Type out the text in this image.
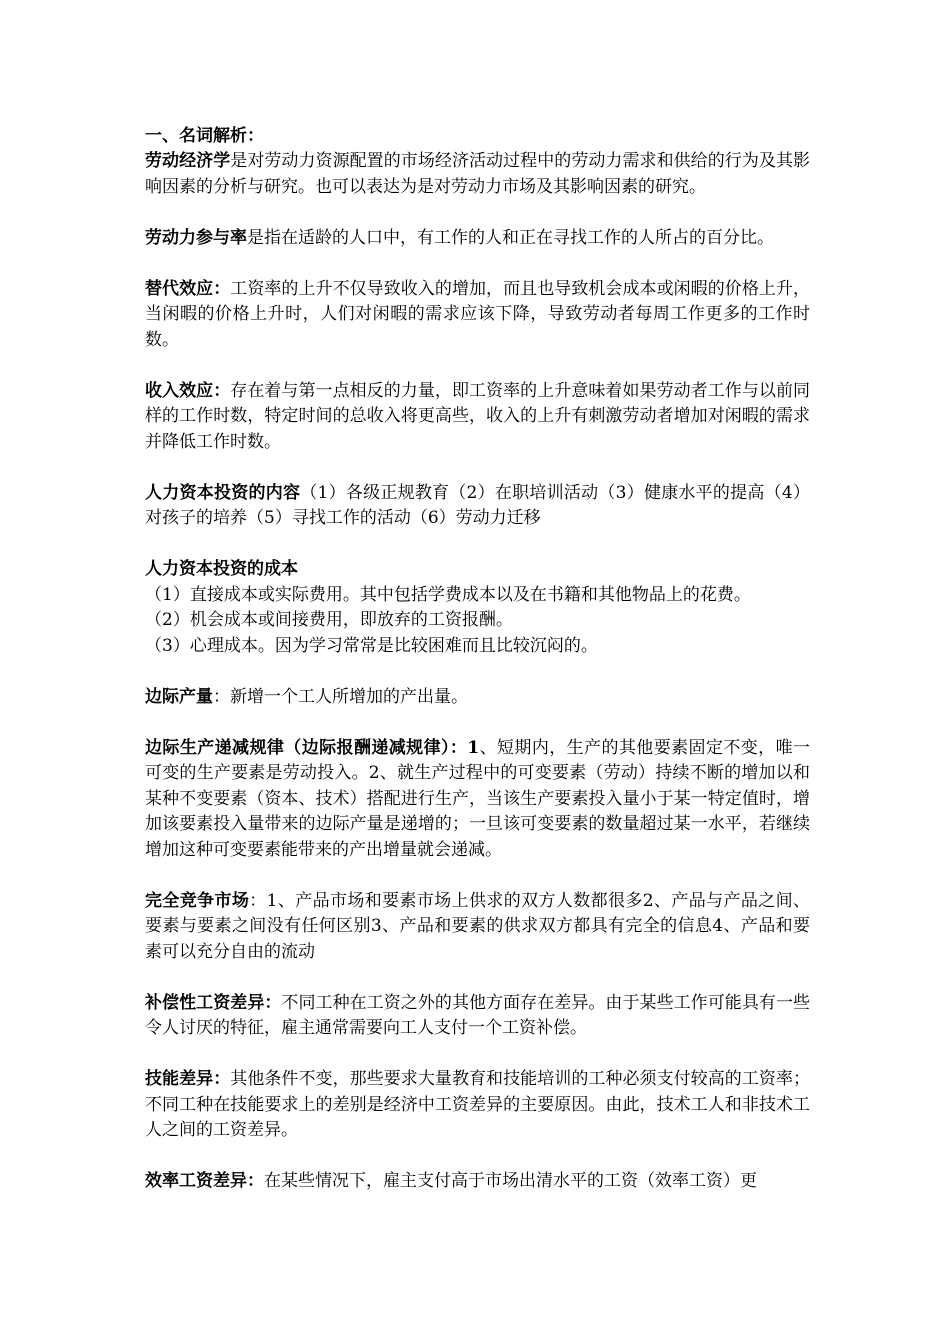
一、名词解析：

劳动经济学是对劳动力资源配置的市场经济活动过程中的劳动力需求和供给的行为及其影响因素的分析与研究。也可以表达为是对劳动力市场及其影响因素的研究。

劳动力参与率是指在适龄的人口中，有工作的人和正在寻找工作的人所占的百分比。

替代效应：工资率的上升不仅导致收入的增加，而且也导致机会成本或闲暇的价格上升，当闲暇的价格上升时，人们对闲暇的需求应该下降，导致劳动者每周工作更多的工作时数。

收入效应：存在着与第一点相反的力量，即工资率的上升意味着如果劳动者工作与以前同样的工作时数，特定时间的总收入将更高些，收入的上升有刺激劳动者增加对闲暇的需求并降低工作时数。

人力资本投资的内容（1）各级正规教育（2）在职培训活动（3）健康水平的提高（4）对孩子的培养（5）寻找工作的活动（6）劳动力迁移

人力资本投资的成本
（1）直接成本或实际费用。其中包括学费成本以及在书籍和其他物品上的花费。
（2）机会成本或间接费用，即放弃的工资报酬。
（3）心理成本。因为学习常常是比较困难而且比较沉闷的。

边际产量：新增一个工人所增加的产出量。

边际生产递减规律（边际报酬递减规律）：1、短期内，生产的其他要素固定不变，唯一可变的生产要素是劳动投入。2、就生产过程中的可变要素（劳动）持续不断的增加以和某种不变要素（资本、技术）搭配进行生产，当该生产要素投入量小于某一特定值时，增加该要素投入量带来的边际产量是递增的；一旦该可变要素的数量超过某一水平，若继续增加这种可变要素能带来的产出增量就会递减。

完全竞争市场：1、产品市场和要素市场上供求的双方人数都很多2、产品与产品之间、要素与要素之间没有任何区别3、产品和要素的供求双方都具有完全的信息4、产品和要素可以充分自由的流动

补偿性工资差异：不同工种在工资之外的其他方面存在差异。由于某些工作可能具有一些令人讨厌的特征，雇主通常需要向工人支付一个工资补偿。

技能差异：其他条件不变，那些要求大量教育和技能培训的工种必须支付较高的工资率；不同工种在技能要求上的差别是经济中工资差异的主要原因。由此，技术工人和非技术工人之间的工资差异。

效率工资差异：在某些情况下，雇主支付高于市场出清水平的工资（效率工资）更
